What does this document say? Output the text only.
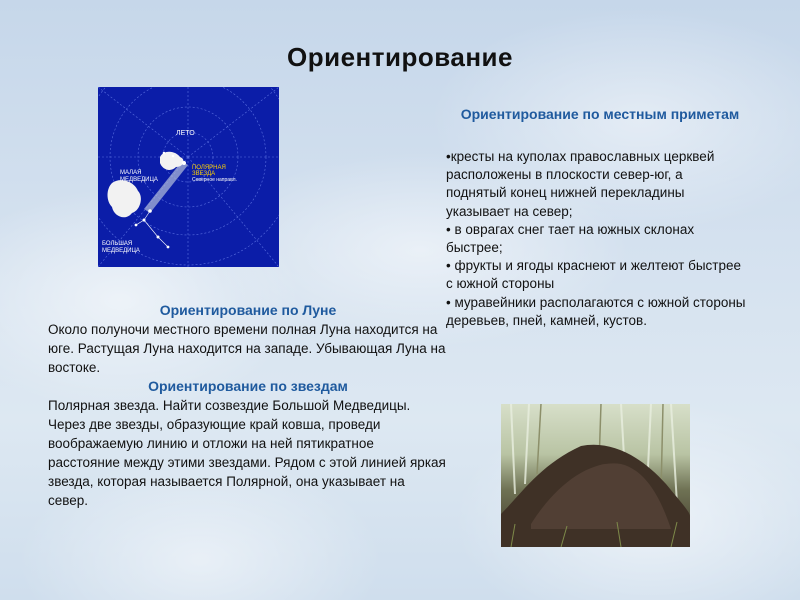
Ориентирование
ЛЕТО
МАЛАЯ
МЕДВЕДИЦА
ПОЛЯРНАЯ
ЗВЕЗДА
Северное направл.
БОЛЬШАЯ
МЕДВЕДИЦА
Ориентирование по Луне

Около полуночи местного времени полная Луна находится на юге. Растущая Луна находится на западе. Убывающая Луна на востоке.

Ориентирование по звездам

Полярная звезда. Найти созвездие Большой Медведицы. Через две звезды, образующие край ковша, проведи воображаемую линию и отложи на ней пятикратное расстояние между этими звездами. Рядом с этой линией яркая звезда, которая называется Полярной, она указывает на север.

Ориентирование по местным приметам

•кресты на куполах православных церквей расположены в плоскости север-юг, а поднятый конец нижней перекладины указывает на север;

• в оврагах снег тает на южных склонах быстрее;

• фрукты и ягоды краснеют и желтеют быстрее с южной стороны

• муравейники располагаются с южной стороны деревьев, пней, камней, кустов.
